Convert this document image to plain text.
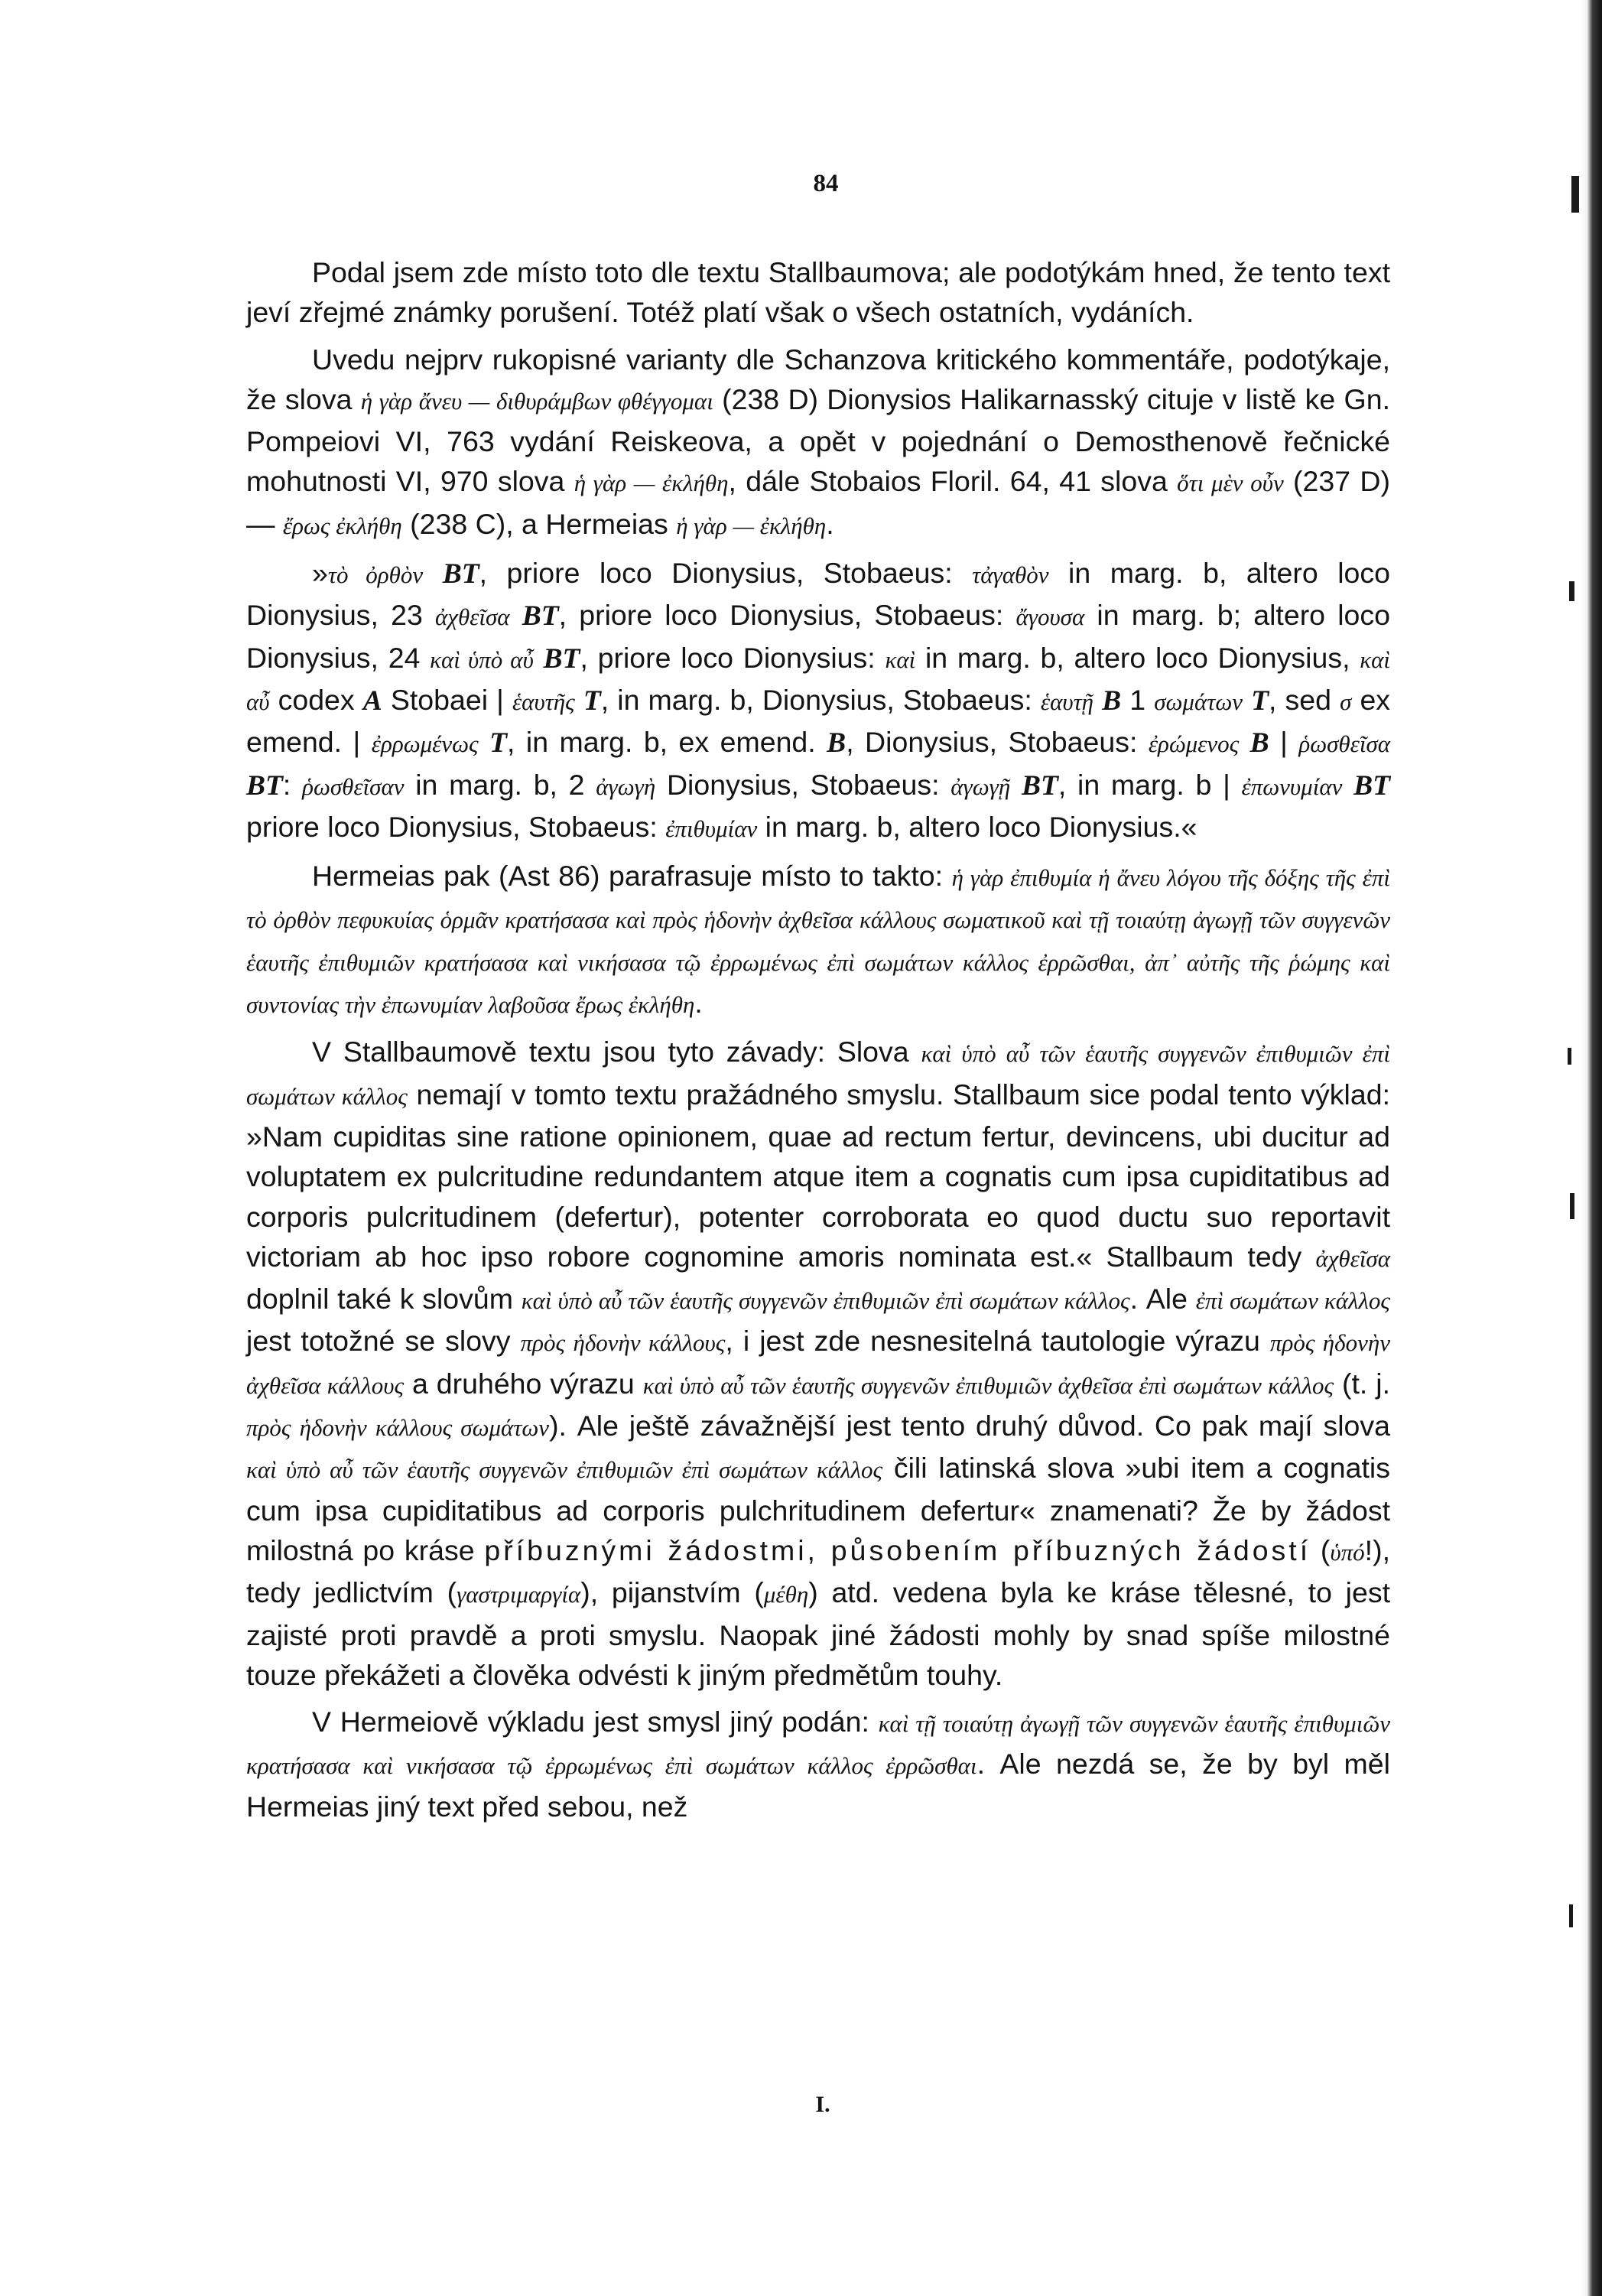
84

Podal jsem zde místo toto dle textu Stallbaumova; ale podotýkám hned, že tento text jeví zřejmé známky porušení. Totéž platí však o všech ostatních, vydáních.

Uvedu nejprv rukopisné varianty dle Schanzova kritického kommentáře, podotýkaje, že slova ἡ γὰρ ἄνευ — διθυράμβων φθέγγομαι (238 D) Dionysios Halikarnasský cituje v listě ke Gn. Pompeiovi VI, 763 vydání Reiskeova, a opět v pojednání o Demosthenově řečnické mohutnosti VI, 970 slova ἡ γὰρ — ἐκλήθη, dále Stobaios Floril. 64, 41 slova ὅτι μὲν οὖν (237 D) — ἔρως ἐκλήθη (238 C), a Hermeias ἡ γὰρ — ἐκλήθη.

»τὸ ὀρθὸν BT, priore loco Dionysius, Stobaeus: τἀγαθὸν in marg. b, altero loco Dionysius, 23 ἀχθεῖσα BT, priore loco Dionysius, Stobaeus: ἄγουσα in marg. b; altero loco Dionysius, 24 καὶ ὑπὸ αὖ BT, priore loco Dionysius: καὶ in marg. b, altero loco Dionysius, καὶ αὖ codex A Stobaei | ἑαυτῆς T, in marg. b, Dionysius, Stobaeus: ἑαυτῇ B 1 σωμάτων T, sed σ ex emend. | ἐρρωμένως T, in marg. b, ex emend. B, Dionysius, Stobaeus: ἐρώμενος B | ῥωσθεῖσα BT: ῥωσθεῖσαν in marg. b, 2 ἀγωγὴ Dionysius, Stobaeus: ἀγωγῇ BT, in marg. b | ἐπωνυμίαν BT priore loco Dionysius, Stobaeus: ἐπιθυμίαν in marg. b, altero loco Dionysius.«

Hermeias pak (Ast 86) parafrasuje místo to takto: ἡ γὰρ ἐπιθυμία ἡ ἄνευ λόγου τῆς δόξης τῆς ἐπὶ τὸ ὀρθὸν πεφυκυίας ὁρμᾶν κρατήσασα καὶ πρὸς ἡδονὴν ἀχθεῖσα κάλλους σωματικοῦ καὶ τῇ τοιαύτῃ ἀγωγῇ τῶν συγγενῶν ἑαυτῆς ἐπιθυμιῶν κρατήσασα καὶ νικήσασα τῷ ἐρρωμένως ἐπὶ σωμάτων κάλλος ἐρρῶσθαι, ἀπ᾽ αὐτῆς τῆς ῥώμης καὶ συντονίας τὴν ἐπωνυμίαν λαβοῦσα ἔρως ἐκλήθη.

V Stallbaumově textu jsou tyto závady: Slova καὶ ὑπὸ αὖ τῶν ἑαυτῆς συγγενῶν ἐπιθυμιῶν ἐπὶ σωμάτων κάλλος nemají v tomto textu pražádného smyslu. Stallbaum sice podal tento výklad: »Nam cupiditas sine ratione opinionem, quae ad rectum fertur, devincens, ubi ducitur ad voluptatem ex pulcritudine redundantem atque item a cognatis cum ipsa cupiditatibus ad corporis pulcritudinem (defertur), potenter corroborata eo quod ductu suo reportavit victoriam ab hoc ipso robore cognomine amoris nominata est.« Stallbaum tedy ἀχθεῖσα doplnil také k slovům καὶ ὑπὸ αὖ τῶν ἑαυτῆς συγγενῶν ἐπιθυμιῶν ἐπὶ σωμάτων κάλλος. Ale ἐπὶ σωμάτων κάλλος jest totožné se slovy πρὸς ἡδονὴν κάλλους, i jest zde nesnesitelná tautologie výrazu πρὸς ἡδονὴν ἀχθεῖσα κάλλους a druhého výrazu καὶ ὑπὸ αὖ τῶν ἑαυτῆς συγγενῶν ἐπιθυμιῶν ἀχθεῖσα ἐπὶ σωμάτων κάλλος (t. j. πρὸς ἡδονὴν κάλλους σωμάτων). Ale ještě závažnější jest tento druhý důvod. Co pak mají slova καὶ ὑπὸ αὖ τῶν ἑαυτῆς συγγενῶν ἐπιθυμιῶν ἐπὶ σωμάτων κάλλος čili latinská slova »ubi item a cognatis cum ipsa cupiditatibus ad corporis pulchritudinem defertur« znamenati? Že by žádost milostná po kráse příbuznými žádostmi, působením příbuzných žádostí (ὑπό!), tedy jedlictvím (γαστριμαργία), pijanstvím (μέθη) atd. vedena byla ke kráse tělesné, to jest zajisté proti pravdě a proti smyslu. Naopak jiné žádosti mohly by snad spíše milostné touze překážeti a člověka odvésti k jiným předmětům touhy.

V Hermeiově výkladu jest smysl jiný podán: καὶ τῇ τοιαύτῃ ἀγωγῇ τῶν συγγενῶν ἑαυτῆς ἐπιθυμιῶν κρατήσασα καὶ νικήσασα τῷ ἐρρωμένως ἐπὶ σωμάτων κάλλος ἐρρῶσθαι. Ale nezdá se, že by byl měl Hermeias jiný text před sebou, než

I.
